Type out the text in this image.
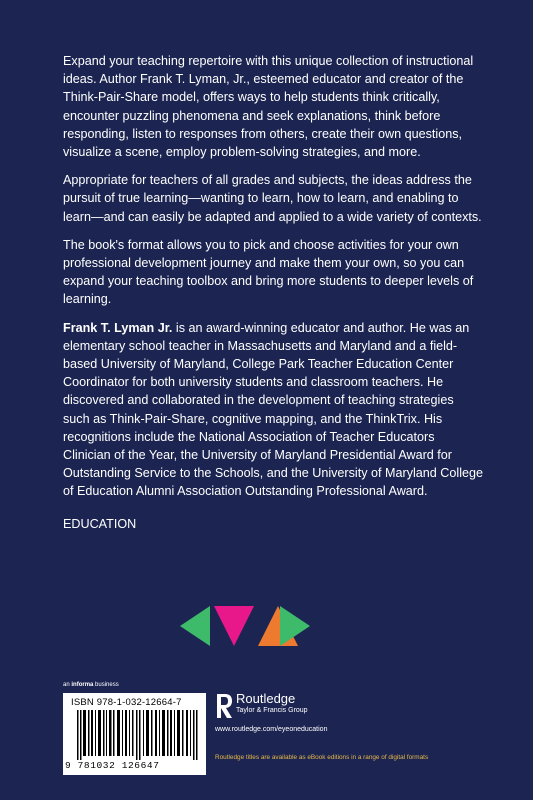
Expand your teaching repertoire with this unique collection of instructional ideas. Author Frank T. Lyman, Jr., esteemed educator and creator of the Think-Pair-Share model, offers ways to help students think critically, encounter puzzling phenomena and seek explanations, think before responding, listen to responses from others, create their own questions, visualize a scene, employ problem-solving strategies, and more.

Appropriate for teachers of all grades and subjects, the ideas address the pursuit of true learning—wanting to learn, how to learn, and enabling to learn—and can easily be adapted and applied to a wide variety of contexts.

The book's format allows you to pick and choose activities for your own professional development journey and make them your own, so you can expand your teaching toolbox and bring more students to deeper levels of learning.

Frank T. Lyman Jr. is an award-winning educator and author. He was an elementary school teacher in Massachusetts and Maryland and a field-based University of Maryland, College Park Teacher Education Center Coordinator for both university students and classroom teachers. He discovered and collaborated in the development of teaching strategies such as Think-Pair-Share, cognitive mapping, and the ThinkTrix. His recognitions include the National Association of Teacher Educators Clinician of the Year, the University of Maryland Presidential Award for Outstanding Service to the Schools, and the University of Maryland College of Education Alumni Association Outstanding Professional Award.

EDUCATION
an informa business
ISBN 978-1-032-12664-7
9 781032 126647
Routledge
Taylor & Francis Group
www.routledge.com/eyeoneducation
Routledge titles are available as eBook editions in a range of digital formats
